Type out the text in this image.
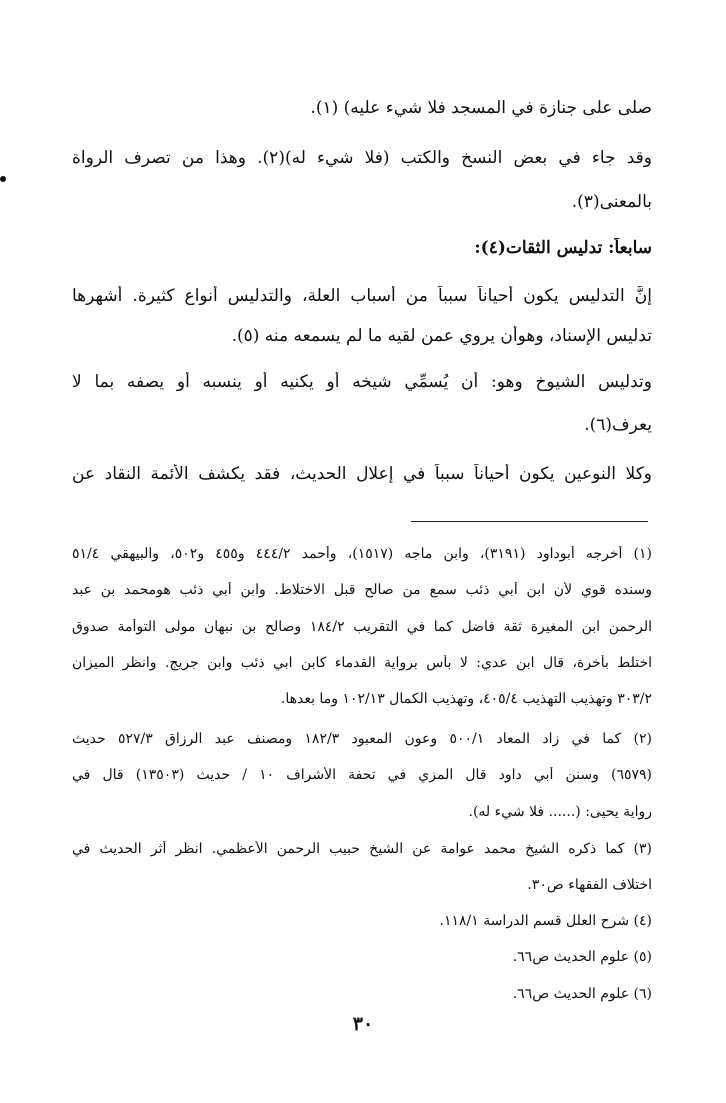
صلى على جنازة في المسجد فلا شيء عليه) (١).
وقد جاء في بعض النسخ والكتب (فلا شيء له)(٢). وهذا من تصرف الرواة
بالمعنى(٣).
سابعاً: تدليس الثقات(٤):
إنَّ التدليس يكون أحياناً سبباً من أسباب العلة، والتدليس أنواع كثيرة. أشهرها
تدليس الإسناد، وهوأن يروي عمن لقيه ما لم يسمعه منه (٥).
وتدليس الشيوخ وهو: أن يُسمِّي شيخه أو يكنيه أو ينسبه أو يصفه بما لا
يعرف(٦).
وكلا النوعين يكون أحياناً سبباً في إعلال الحديث، فقد يكشف الأئمة النقاد عن
(١) أخرجه أبوداود (٣١٩١)، وابن ماجه (١٥١٧)، وأحمد ٤٤٤/٢ و٤٥٥ و٥٠٢، والبيهقي ٥١/٤
وسنده قوي لأن ابن أبي ذئب سمع من صالح قبل الاختلاط. وابن أبي ذئب هومحمد بن عبد
الرحمن ابن المغيرة ثقة فاضل كما في التقريب ١٨٤/٢ وصالح بن نبهان مولى التوأمة صدوق
اختلط بأخرة، قال ابن عدي: لا بأس برواية القدماء كابن ابي ذئب وابن جريج. وانظر الميزان
٣٠٣/٢ وتهذيب التهذيب ٤٠٥/٤، وتهذيب الكمال ١٠٢/١٣ وما بعدها.
(٢) كما في زاد المعاد ٥٠٠/١ وعون المعبود ١٨٢/٣ ومصنف عبد الرزاق ٥٢٧/٣ حديث
(٦٥٧٩) وسنن أبي داود قال المزي في تحفة الأشراف ١٠ / حديث (١٣٥٠٣) قال في
رواية يحيى: (...... فلا شيء له).
(٣) كما ذكره الشيخ محمد عوامة عن الشيخ حبيب الرحمن الأعظمي. انظر أثر الحديث في
اختلاف الفقهاء ص٣٠.
(٤) شرح العلل قسم الدراسة ١١٨/١.
(٥) علوم الحديث ص٦٦.
(٦) علوم الحديث ص٦٦.
٣٠
